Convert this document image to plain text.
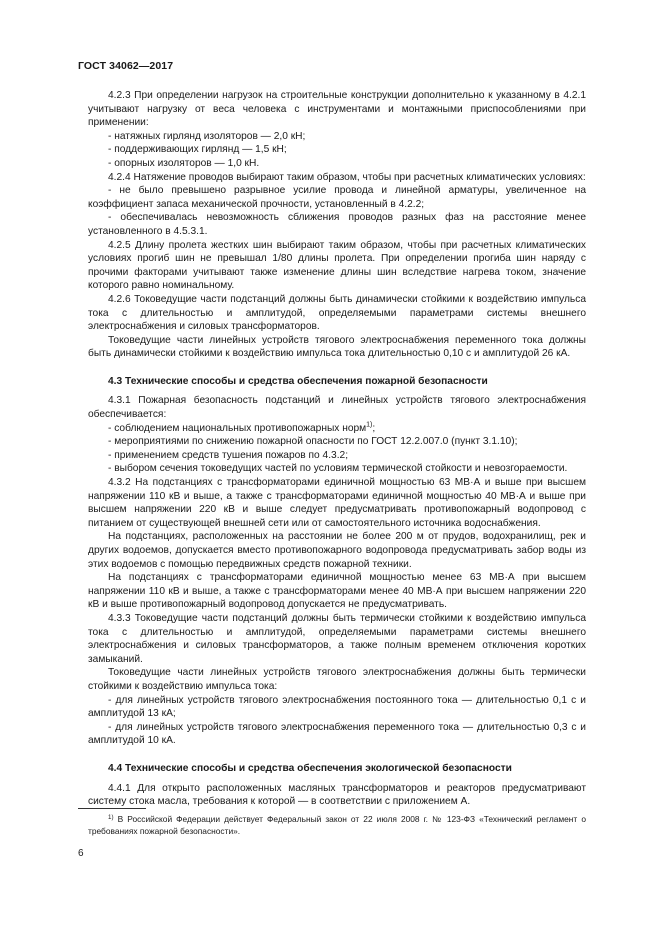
ГОСТ 34062—2017

4.2.3 При определении нагрузок на строительные конструкции дополнительно к указанному в 4.2.1 учитывают нагрузку от веса человека с инструментами и монтажными приспособлениями при применении:

- натяжных гирлянд изоляторов — 2,0 кН;

- поддерживающих гирлянд — 1,5 кН;

- опорных изоляторов — 1,0 кН.

4.2.4 Натяжение проводов выбирают таким образом, чтобы при расчетных климатических условиях:

- не было превышено разрывное усилие провода и линейной арматуры, увеличенное на коэффициент запаса механической прочности, установленный в 4.2.2;

- обеспечивалась невозможность сближения проводов разных фаз на расстояние менее установленного в 4.5.3.1.

4.2.5 Длину пролета жестких шин выбирают таким образом, чтобы при расчетных климатических условиях прогиб шин не превышал 1/80 длины пролета. При определении прогиба шин наряду с прочими факторами учитывают также изменение длины шин вследствие нагрева током, значение которого равно номинальному.

4.2.6 Токоведущие части подстанций должны быть динамически стойкими к воздействию импульса тока с длительностью и амплитудой, определяемыми параметрами системы внешнего электроснабжения и силовых трансформаторов.

Токоведущие части линейных устройств тягового электроснабжения переменного тока должны быть динамически стойкими к воздействию импульса тока длительностью 0,10 с и амплитудой 26 кА.

4.3 Технические способы и средства обеспечения пожарной безопасности

4.3.1 Пожарная безопасность подстанций и линейных устройств тягового электроснабжения обеспечивается:

- соблюдением национальных противопожарных норм$^{1)}$;

- мероприятиями по снижению пожарной опасности по ГОСТ 12.2.007.0 (пункт 3.1.10);

- применением средств тушения пожаров по 4.3.2;

- выбором сечения токоведущих частей по условиям термической стойкости и невозгораемости.

4.3.2 На подстанциях с трансформаторами единичной мощностью 63 МВ·А и выше при высшем напряжении 110 кВ и выше, а также с трансформаторами единичной мощностью 40 МВ·А и выше при высшем напряжении 220 кВ и выше следует предусматривать противопожарный водопровод с питанием от существующей внешней сети или от самостоятельного источника водоснабжения.

На подстанциях, расположенных на расстоянии не более 200 м от прудов, водохранилищ, рек и других водоемов, допускается вместо противопожарного водопровода предусматривать забор воды из этих водоемов с помощью передвижных средств пожарной техники.

На подстанциях с трансформаторами единичной мощностью менее 63 МВ·А при высшем напряжении 110 кВ и выше, а также с трансформаторами менее 40 МВ·А при высшем напряжении 220 кВ и выше противопожарный водопровод допускается не предусматривать.

4.3.3 Токоведущие части подстанций должны быть термически стойкими к воздействию импульса тока с длительностью и амплитудой, определяемыми параметрами системы внешнего электроснабжения и силовых трансформаторов, а также полным временем отключения коротких замыканий.

Токоведущие части линейных устройств тягового электроснабжения должны быть термически стойкими к воздействию импульса тока:

- для линейных устройств тягового электроснабжения постоянного тока — длительностью 0,1 с и амплитудой 13 кА;

- для линейных устройств тягового электроснабжения переменного тока — длительностью 0,3 с и амплитудой 10 кА.

4.4 Технические способы и средства обеспечения экологической безопасности

4.4.1 Для открыто расположенных масляных трансформаторов и реакторов предусматривают систему стока масла, требования к которой — в соответствии с приложением А.

$^{1)}$ В Российской Федерации действует Федеральный закон от 22 июля 2008 г. № 123-ФЗ «Технический регламент о требованиях пожарной безопасности».
6
